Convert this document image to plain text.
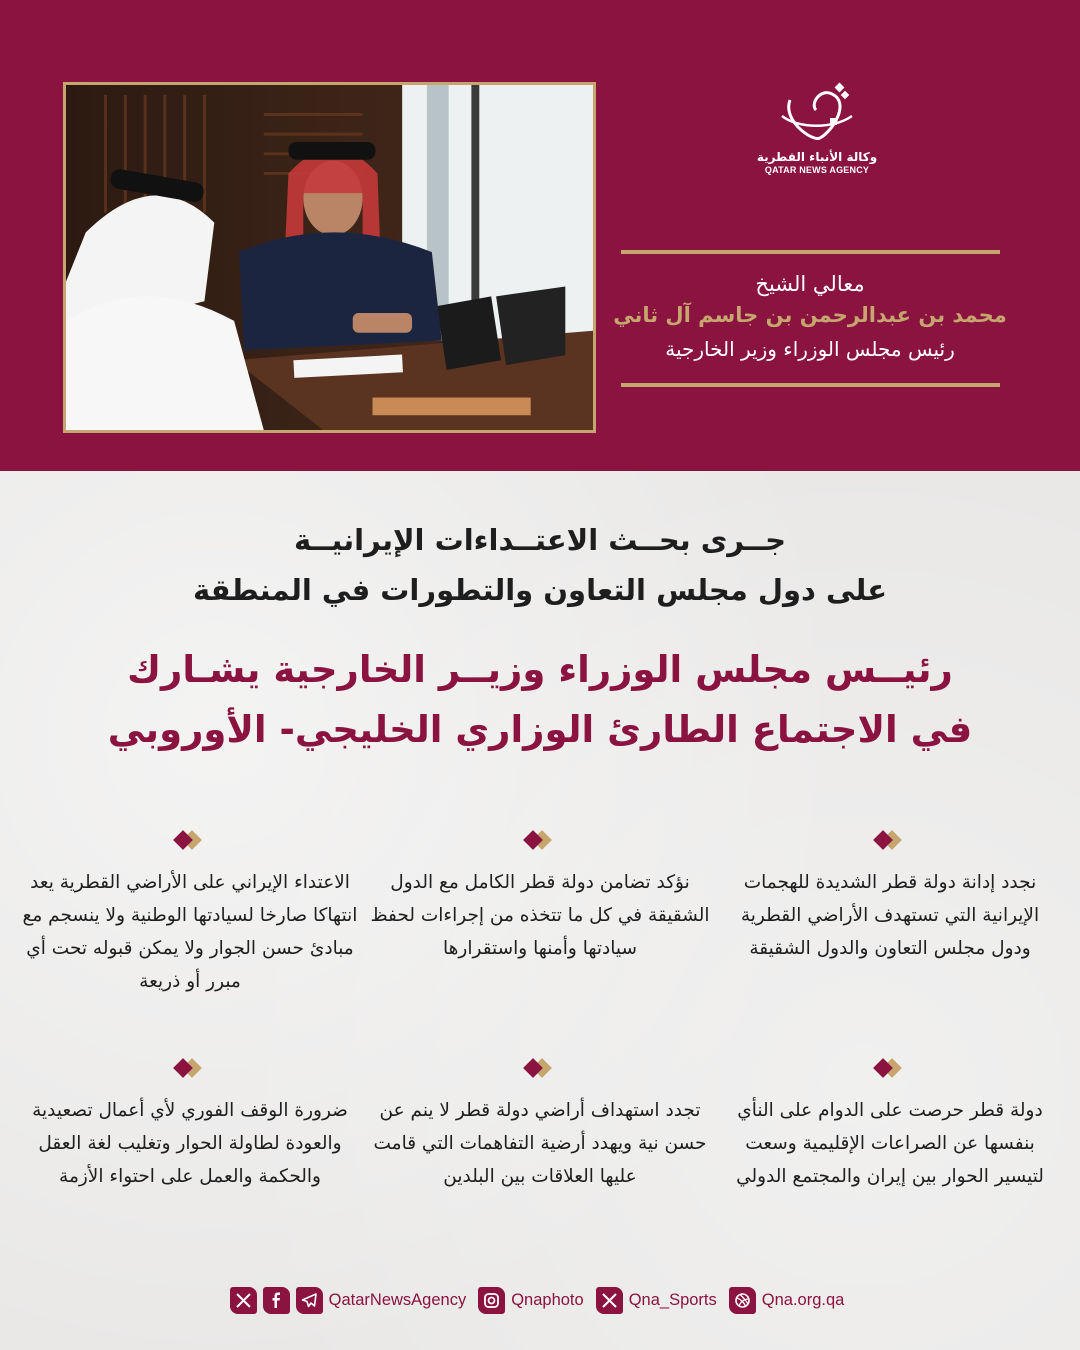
وكالة الأنباء القطرية
QATAR NEWS AGENCY
معالي الشيخ
محمد بن عبدالرحمن بن جاسم آل ثاني
رئيس مجلس الوزراء وزير الخارجية
جــرى بحــث الاعتــداءات الإيرانيــة
على دول مجلس التعاون والتطورات في المنطقة
رئيــس مجلس الوزراء وزيــر الخارجية يشـارك
في الاجتماع الطارئ الوزاري الخليجي- الأوروبي
نجدد إدانة دولة قطر الشديدة للهجمات الإيرانية التي تستهدف الأراضي القطرية ودول مجلس التعاون والدول الشقيقة
نؤكد تضامن دولة قطر الكامل مع الدول الشقيقة في كل ما تتخذه من إجراءات لحفظ سيادتها وأمنها واستقرارها
الاعتداء الإيراني على الأراضي القطرية يعد انتهاكا صارخا لسيادتها الوطنية ولا ينسجم مع مبادئ حسن الجوار ولا يمكن قبوله تحت أي مبرر أو ذريعة
دولة قطر حرصت على الدوام على النأي بنفسها عن الصراعات الإقليمية وسعت لتيسير الحوار بين إيران والمجتمع الدولي
تجدد استهداف أراضي دولة قطر لا ينم عن حسن نية ويهدد أرضية التفاهمات التي قامت عليها العلاقات بين البلدين
ضرورة الوقف الفوري لأي أعمال تصعيدية والعودة لطاولة الحوار وتغليب لغة العقل والحكمة والعمل على احتواء الأزمة
QatarNewsAgency	Qnaphoto	Qna_Sports	Qna.org.qa
